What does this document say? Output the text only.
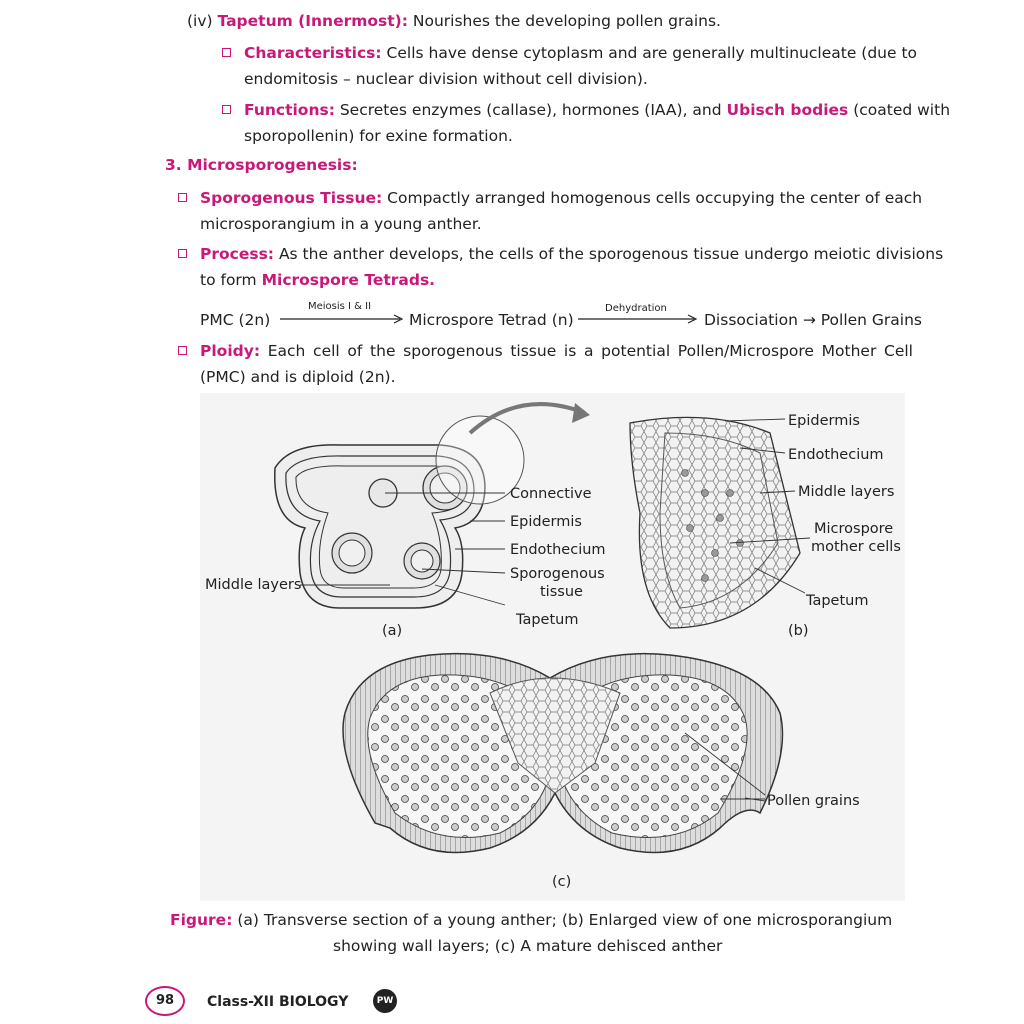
(iv) Tapetum (Innermost): Nourishes the developing pollen grains.
Characteristics: Cells have dense cytoplasm and are generally multinucleate (due to
endomitosis – nuclear division without cell division).
Functions: Secretes enzymes (callase), hormones (IAA), and Ubisch bodies (coated with
sporopollenin) for exine formation.
3. Microsporogenesis:
Sporogenous Tissue: Compactly arranged homogenous cells occupying the center of each
microsporangium in a young anther.
Process: As the anther develops, the cells of the sporogenous tissue undergo meiotic divisions
to form Microspore Tetrads.
PMC (2n)
Meiosis I & II
Microspore Tetrad (n)
Dehydration
Dissociation → Pollen Grains
Ploidy: Each cell of the sporogenous tissue is a potential Pollen/Microspore Mother Cell
(PMC) and is diploid (2n).
Connective
Epidermis
Endothecium
Sporogenous
tissue
Middle layers
Tapetum
(a)
Epidermis
Endothecium
Middle layers
Microspore
mother cells
Tapetum
(b)
Pollen grains
(c)
Figure: (a) Transverse section of a young anther; (b) Enlarged view of one microsporangium
showing wall layers; (c) A mature dehisced anther
98	Class-XII BIOLOGY	PW
